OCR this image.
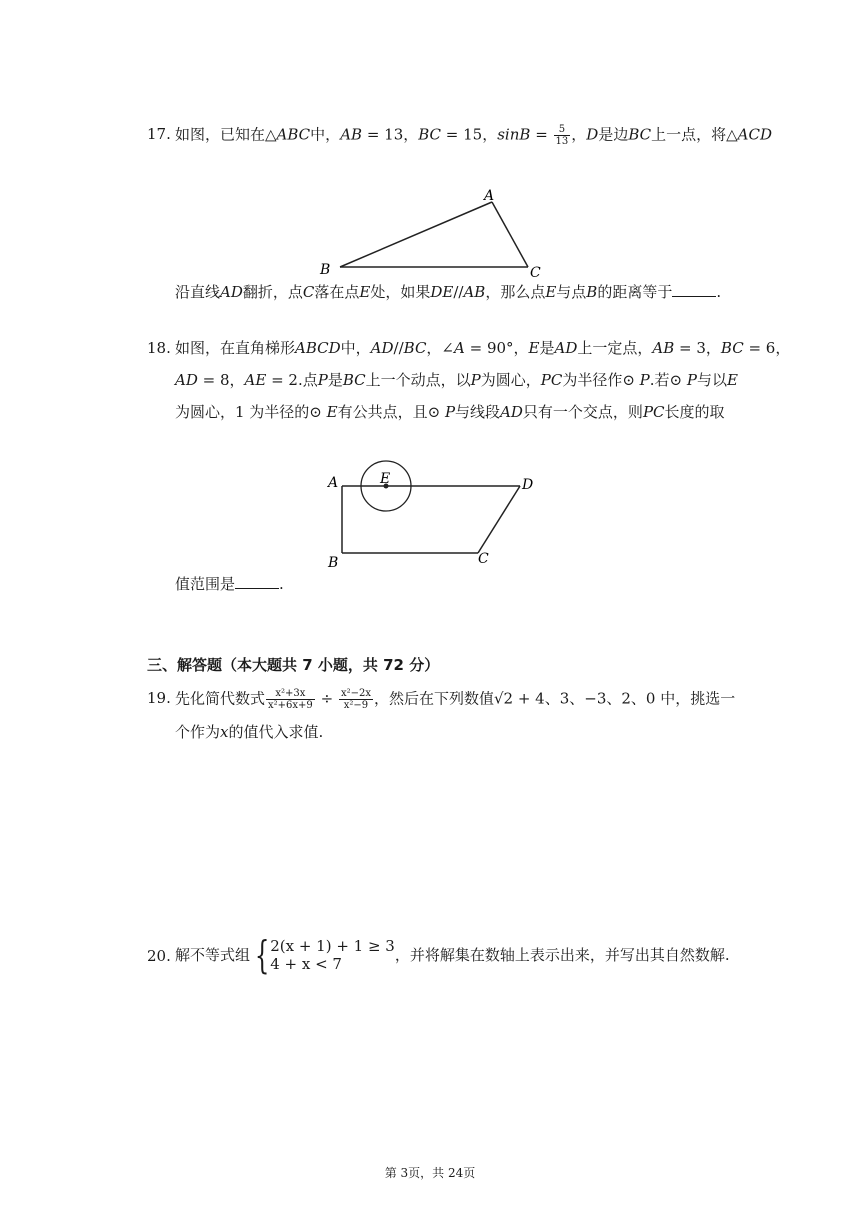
17. 如图，已知在△ABC中，AB = 13，BC = 15，$\sin B = \frac{5}{13}$ ，D是边BC上一点，将△ACD
A
B	C
沿直线AD翻折，点C落在点E处，如果DE//AB，那么点E与点B的距离等于	.
18. 如图，在直角梯形ABCD中，AD//BC，∠A = 90°，E是AD上一定点，AB = 3，BC = 6，
AD = 8，AE = 2.点P是BC上一个动点，以P为圆心，PC为半径作⊙ P.若⊙ P与以E
为圆心，1 为半径的⊙ E有公共点，且⊙ P与线段AD只有一个交点，则PC长度的取
A	D
E
B	C
值范围是	.
三、解答题（本大题共 7 小题，共 72 分）
19. 先化简代数式 $\frac{\text{x²+3x}}{\text{x²+6x+9}} \div \frac{\text{x²−2x}}{\text{x²−9}}$ ，然后在下列数值√2 + 4、3、−3、2、0 中，挑选一
个作为x的值代入求值.
20. 解不等式组 { 2(x + 1) + 1 ≥ 3
4 + x < 7	，并将解集在数轴上表示出来，并写出其自然数解.
第 3页，共 24页
